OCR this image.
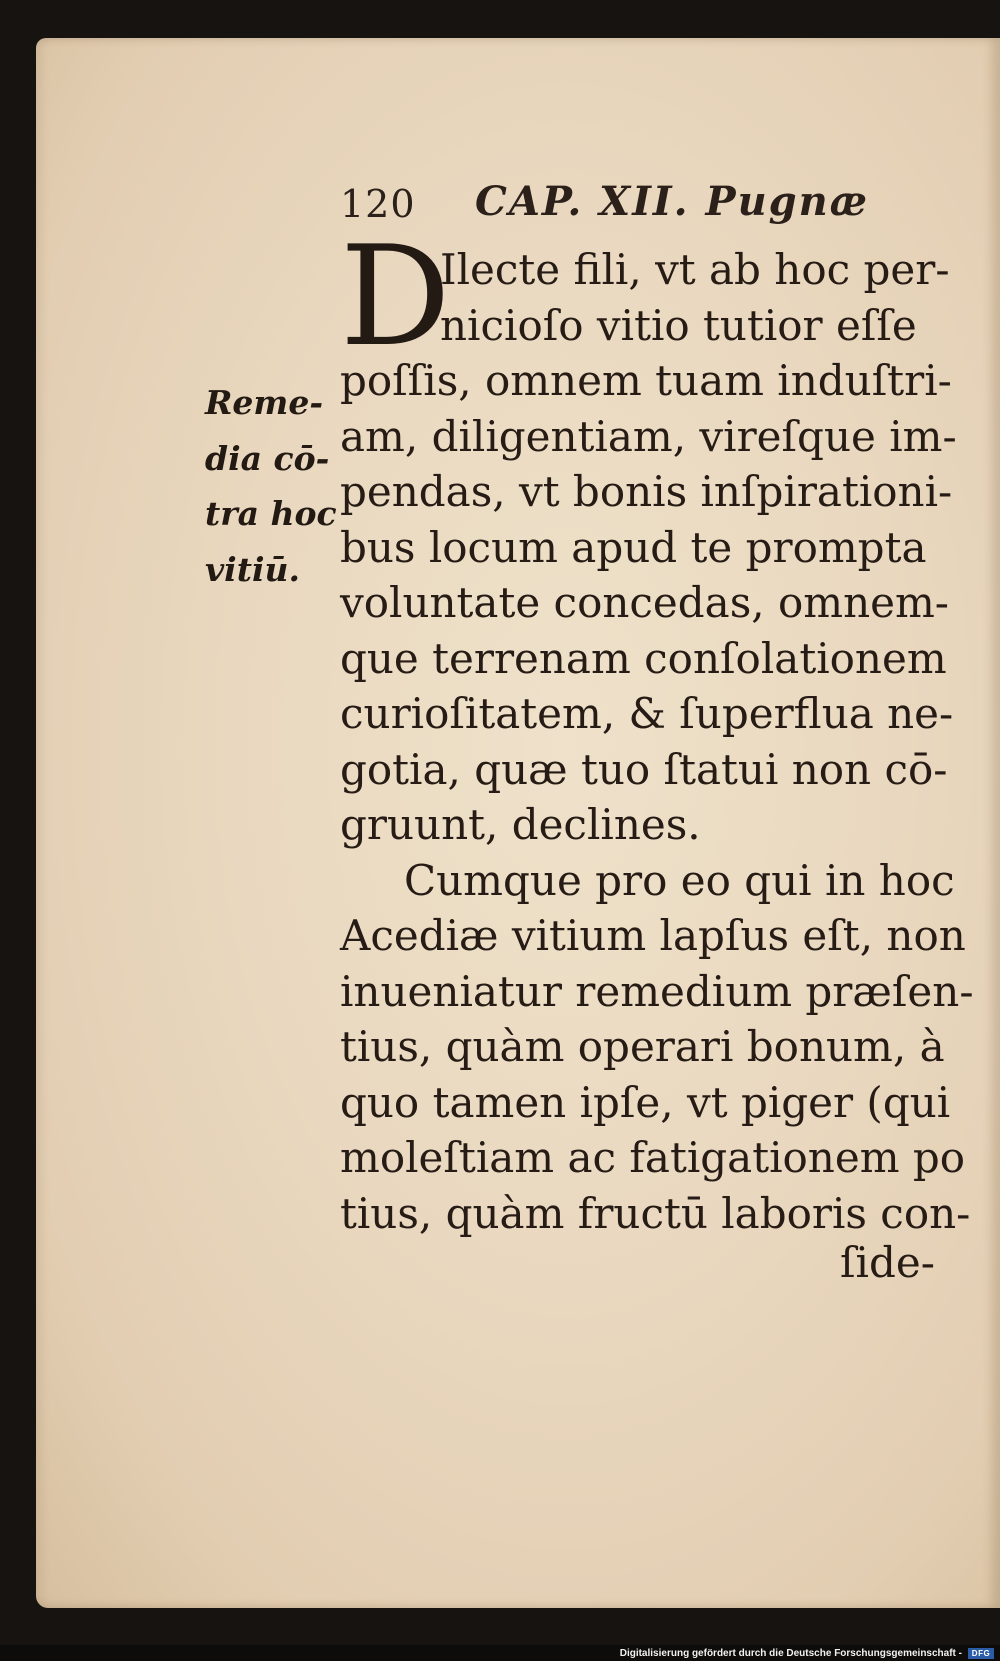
120 CAP. XII. Pugnæ
D
Reme-
dia cō-
tra hoc
vitiū.
Ilecte fili, vt ab hoc per-
nicioſo vitio tutior eſſe
poſſis, omnem tuam induſtri-
am, diligentiam, vireſque im-
pendas, vt bonis inſpirationi-
bus locum apud te prompta
voluntate concedas, omnem-
que terrenam conſolationem
curioſitatem, & ſuperflua ne-
gotia, quæ tuo ſtatui non cō-
gruunt, declines.
Cumque pro eo qui in hoc
Acediæ vitium lapſus eſt, non
inueniatur remedium præſen-
tius, quàm operari bonum, à
quo tamen ipſe, vt piger (qui
moleſtiam ac fatigationem po
tius, quàm fructū laboris con-
ſide-
Digitalisierung gefördert durch die Deutsche Forschungsgemeinschaft -	DFG
